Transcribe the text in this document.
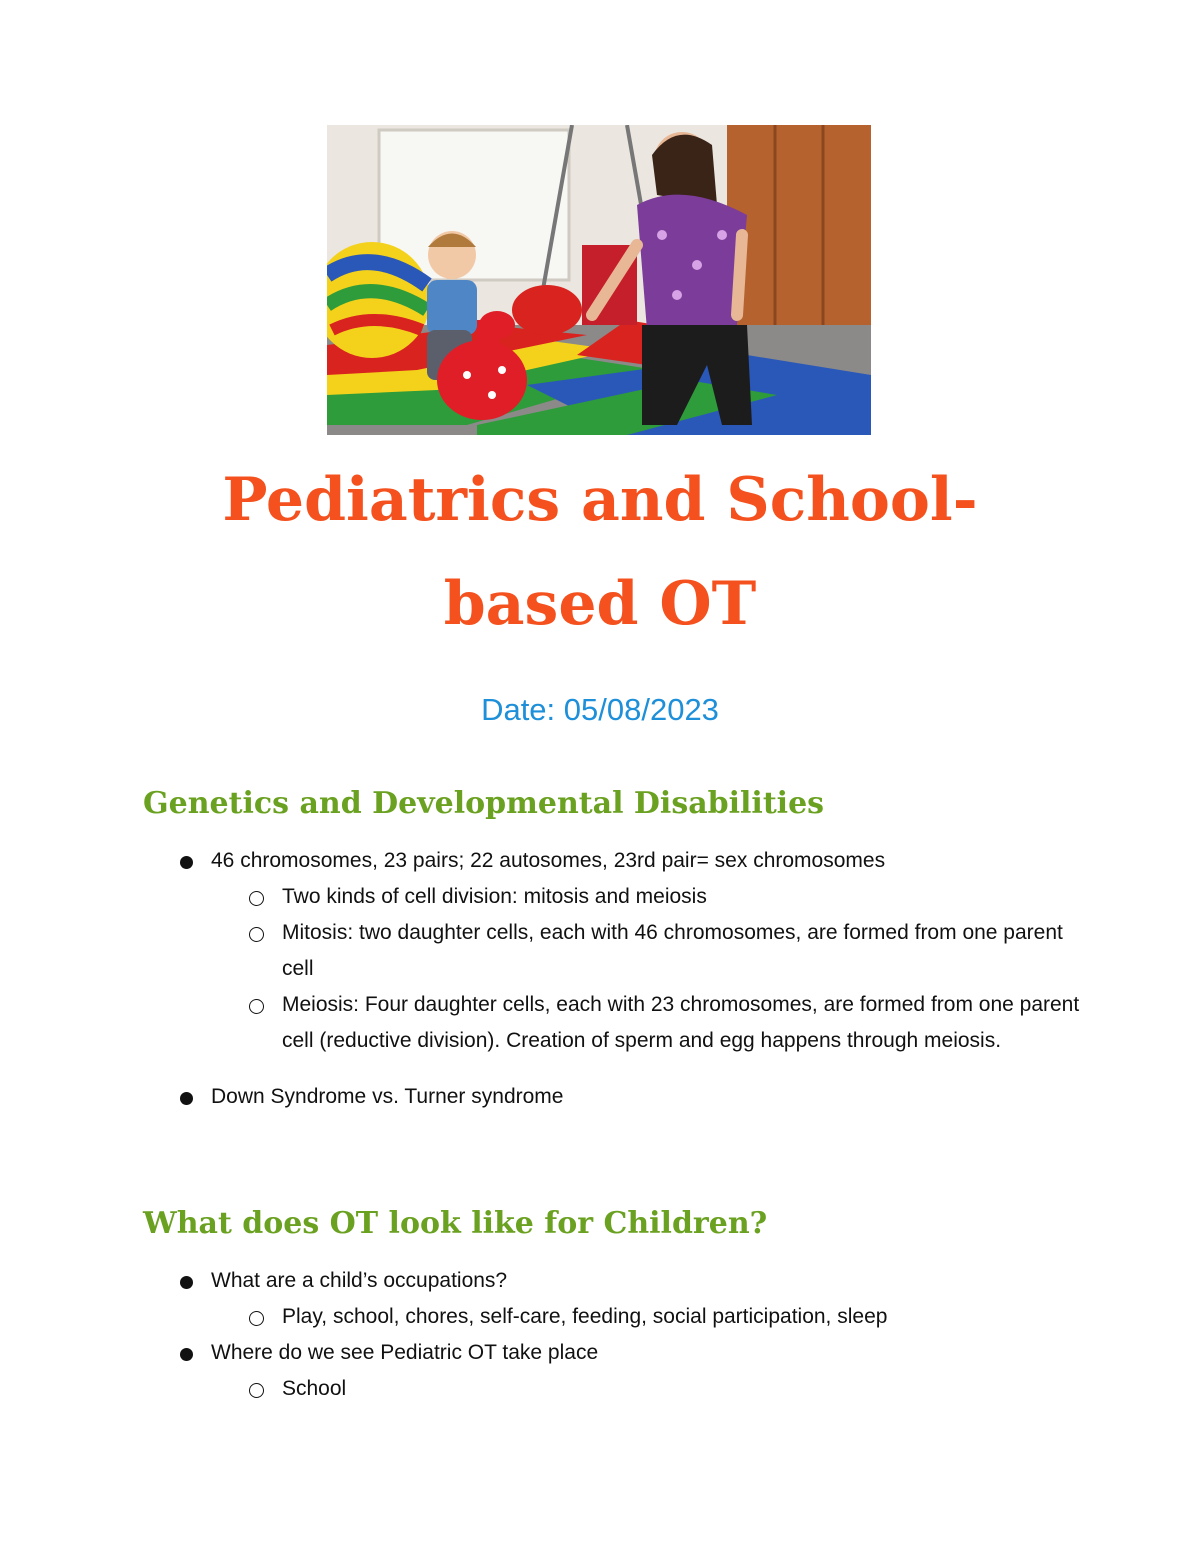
Pediatrics and School-
based OT
Date: 05/08/2023
Genetics and Developmental Disabilities
46 chromosomes, 23 pairs; 22 autosomes, 23rd pair= sex chromosomes
Two kinds of cell division: mitosis and meiosis
Mitosis: two daughter cells, each with 46 chromosomes, are formed from one parent cell
Meiosis: Four daughter cells, each with 23 chromosomes, are formed from one parent cell (reductive division). Creation of sperm and egg happens through meiosis.
Down Syndrome vs. Turner syndrome
What does OT look like for Children?
What are a child’s occupations?
Play, school, chores, self-care, feeding, social participation, sleep
Where do we see Pediatric OT take place
School
